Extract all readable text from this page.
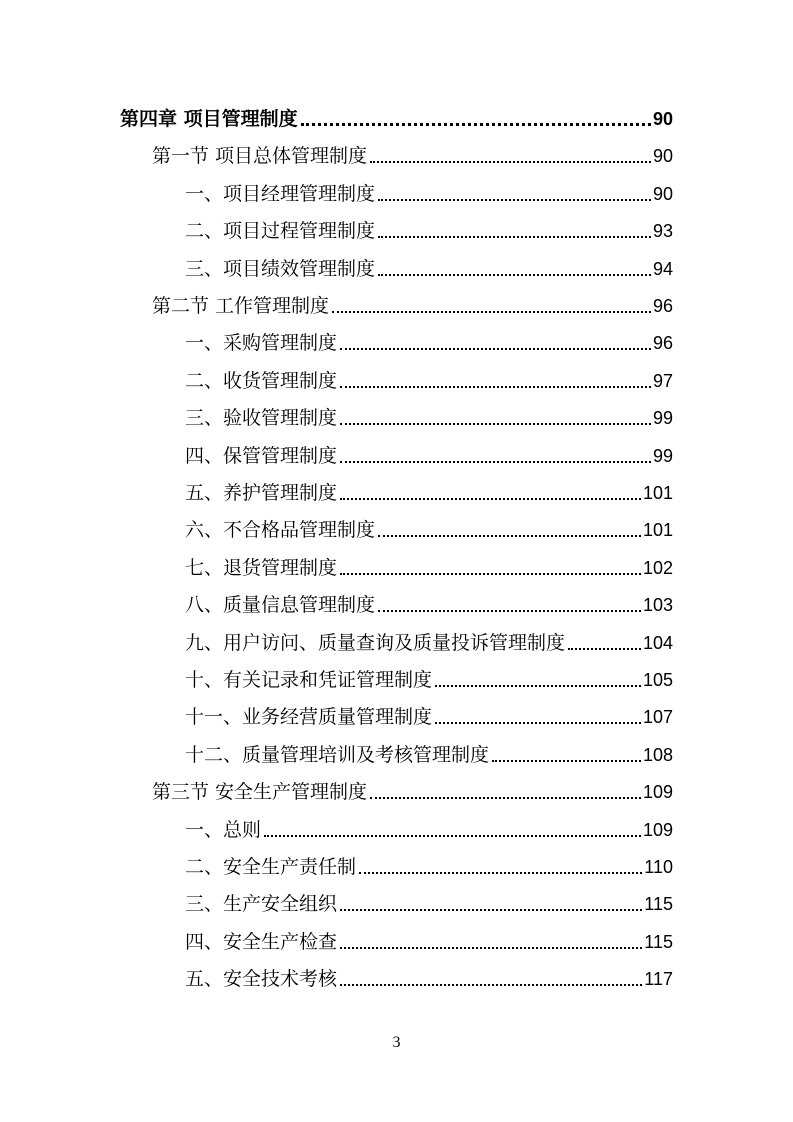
第四章 项目管理制度	90
第一节 项目总体管理制度	90
一、项目经理管理制度	90
二、项目过程管理制度	93
三、项目绩效管理制度	94
第二节 工作管理制度	96
一、采购管理制度	96
二、收货管理制度	97
三、验收管理制度	99
四、保管管理制度	99
五、养护管理制度	101
六、不合格品管理制度	101
七、退货管理制度	102
八、质量信息管理制度	103
九、用户访问、质量查询及质量投诉管理制度	104
十、有关记录和凭证管理制度	105
十一、业务经营质量管理制度	107
十二、质量管理培训及考核管理制度	108
第三节 安全生产管理制度	109
一、总则	109
二、安全生产责任制	110
三、生产安全组织	115
四、安全生产检查	115
五、安全技术考核	117
3
